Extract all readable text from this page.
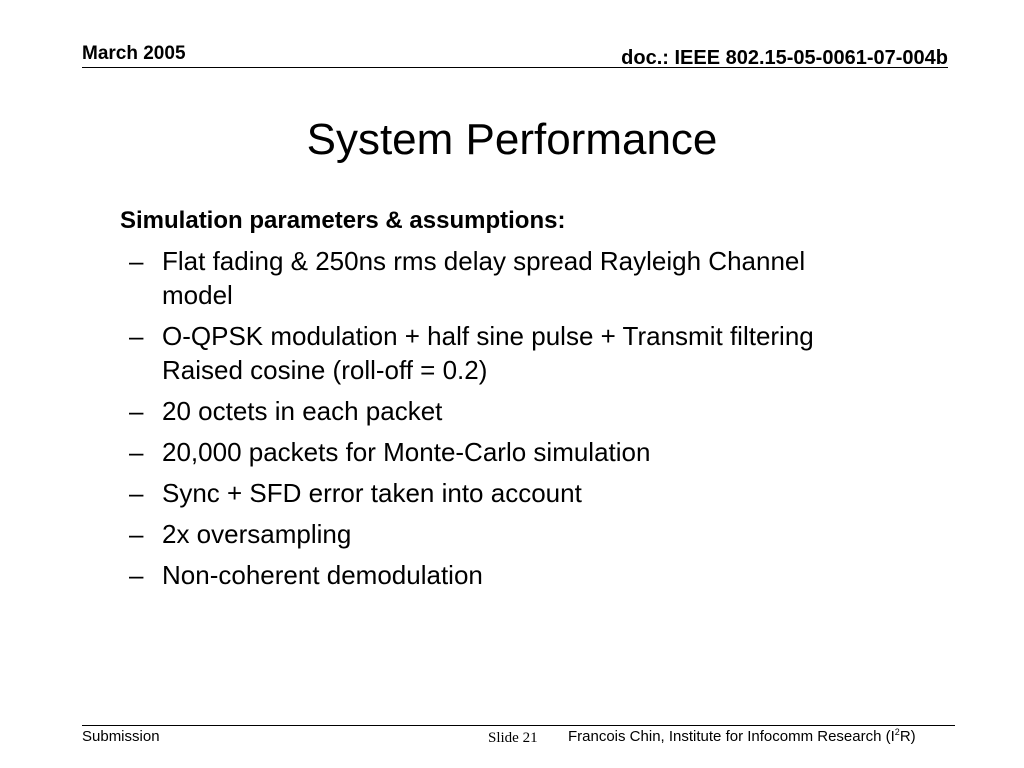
March 2005	doc.: IEEE 802.15-05-0061-07-004b
System Performance
Simulation parameters & assumptions:
– Flat fading & 250ns rms delay spread Rayleigh Channel model
– O-QPSK modulation + half sine pulse + Transmit filtering Raised cosine (roll-off = 0.2)
– 20 octets in each packet
– 20,000 packets for Monte-Carlo simulation
– Sync + SFD error taken into account
– 2x oversampling
– Non-coherent demodulation
Submission	Slide 21 Francois Chin, Institute for Infocomm Research $(I^2R)$
